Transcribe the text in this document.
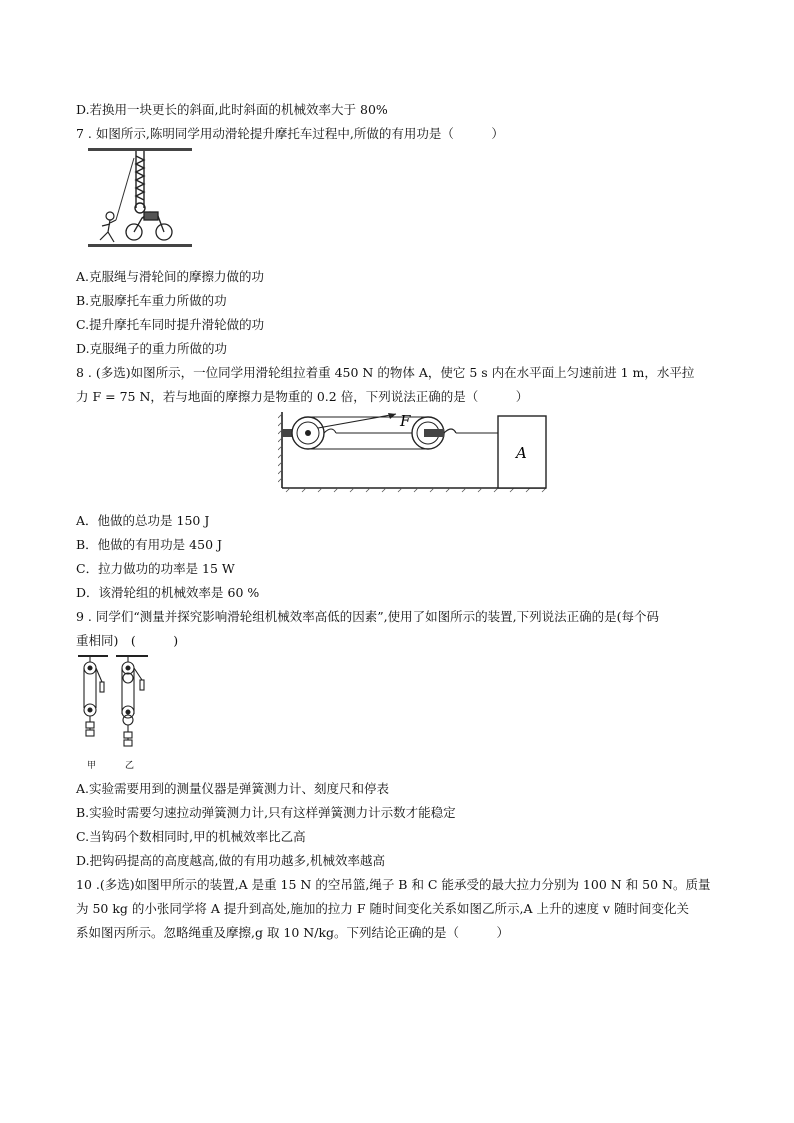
D.若换用一块更长的斜面,此时斜面的机械效率大于 80%
7 . 如图所示,陈明同学用动滑轮提升摩托车过程中,所做的有用功是（　　　）
A.克服绳与滑轮间的摩擦力做的功
B.克服摩托车重力所做的功
C.提升摩托车同时提升滑轮做的功
D.克服绳子的重力所做的功
8 . (多选)如图所示，一位同学用滑轮组拉着重 450 N 的物体 A，使它 5 s 内在水平面上匀速前进 1 m，水平拉
力 F = 75 N，若与地面的摩擦力是物重的 0.2 倍，下列说法正确的是（　　　）
F
A
A．他做的总功是 150 J
B．他做的有用功是 450 J
C．拉力做功的功率是 15 W
D．该滑轮组的机械效率是 60 %
9 . 同学们“测量并探究影响滑轮组机械效率高低的因素”,使用了如图所示的装置,下列说法正确的是(每个码
重相同)　(　　　)
甲	乙
A.实验需要用到的测量仪器是弹簧测力计、刻度尺和停表
B.实验时需要匀速拉动弹簧测力计,只有这样弹簧测力计示数才能稳定
C.当钩码个数相同时,甲的机械效率比乙高
D.把钩码提高的高度越高,做的有用功越多,机械效率越高
10 .(多选)如图甲所示的装置,A 是重 15 N 的空吊篮,绳子 B 和 C 能承受的最大拉力分别为 100 N 和 50 N。质量
为 50 kg 的小张同学将 A 提升到高处,施加的拉力 F 随时间变化关系如图乙所示,A 上升的速度 v 随时间变化关
系如图丙所示。忽略绳重及摩擦,g 取 10 N/kg。下列结论正确的是（　　　）
